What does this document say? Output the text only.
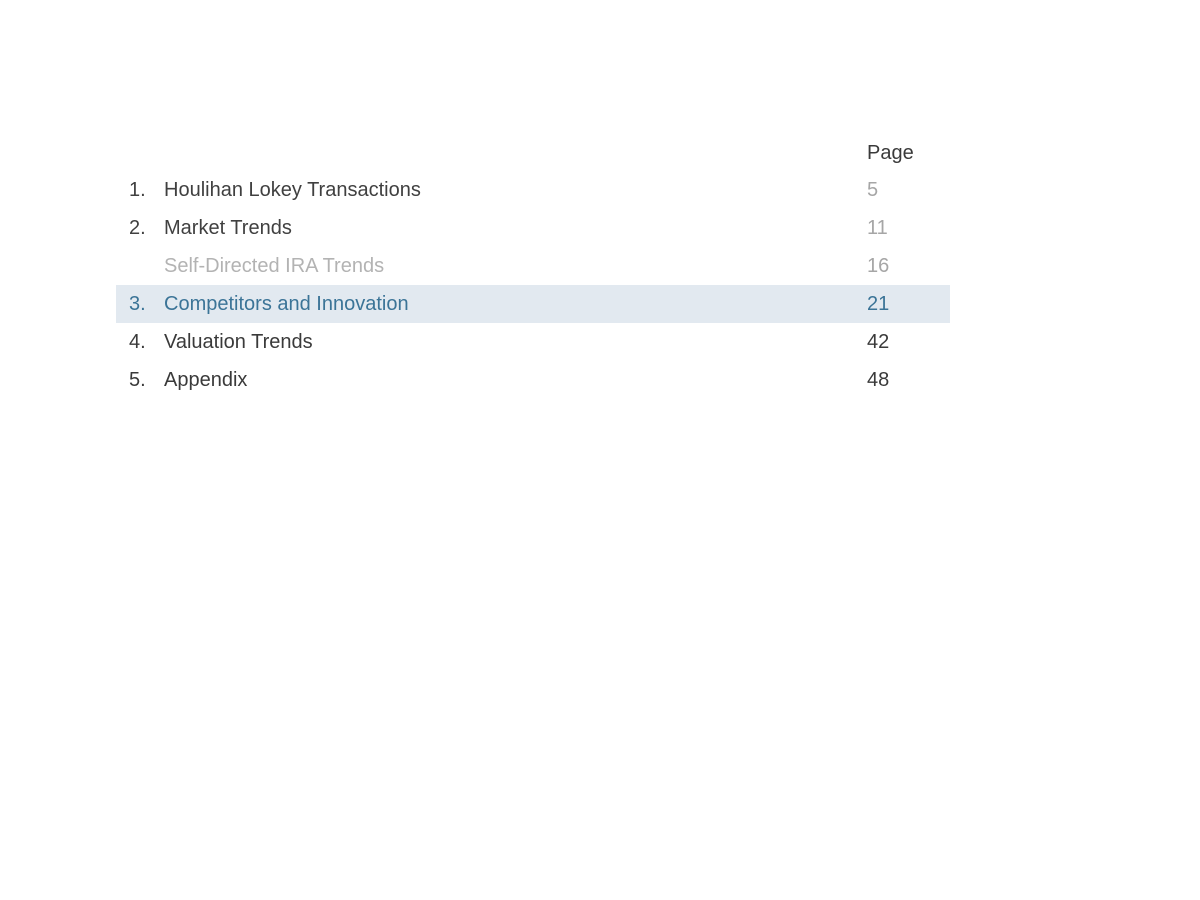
Page
1. Houlihan Lokey Transactions	5
2. Market Trends	11
Self-Directed IRA Trends	16
3. Competitors and Innovation	21
4. Valuation Trends	42
5. Appendix	48
